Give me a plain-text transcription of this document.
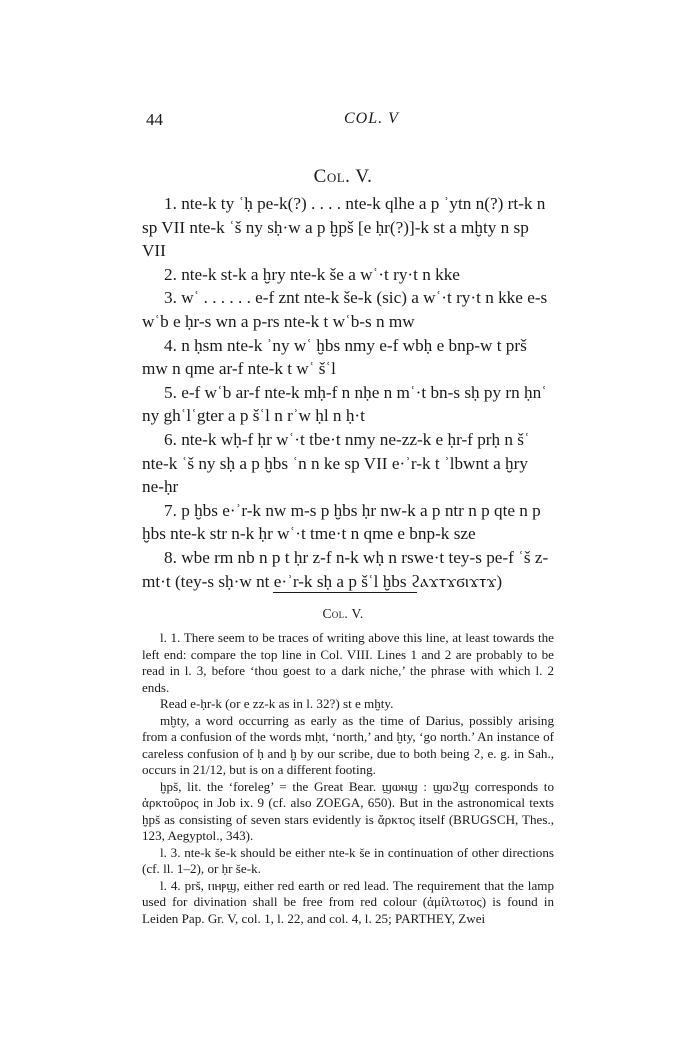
44	COL. V
Col. V.

1. nte-k ty ʿḥ pe-k(?) . . . . nte-k qlhe a p ʾytn n(?) rt-k n sp VII nte-k ʿš ny sḥ·w a p ḫpš [e ḥr(?)]-k st a mḫty n sp VII

2. nte-k st-k a ḫry nte-k še a wʿ·t ry·t n kke

3. wʿ . . . . . . e-f znt nte-k še-k (sic) a wʿ·t ry·t n kke e-s wʿb e ḥr-s wn a p-rs nte-k t wʿb-s n mw

4. n ḥsm nte-k ʾny wʿ ḫbs nmy e-f wbḥ e bnp-w t prš mw n qme ar-f nte-k t wʿ šʿl

5. e-f wʿb ar-f nte-k mḥ-f n nḥe n mʿ·t bn-s sḥ py rn ḥnʿ ny ghʿlʿgter a p šʿl n rʾw ḥl n ḥ·t

6. nte-k wḥ-f ḥr wʿ·t tbe·t nmy ne-zz-k e ḥr-f prḥ n šʿ nte-k ʿš ny sḥ a p ḫbs ʿn n ke sp VII e·ʾr-k t ʾlbwnt a ḫry ne-ḥr

7. p ḫbs e·ʾr-k nw m-s p ḫbs ḥr nw-k a p ntr n p qte n p ḫbs nte-k str n-k ḥr wʿ·t tme·t n qme e bnp-k sze

8. wbe rm nb n p t ḥr z-f n-k wḥ n rswe·t tey-s pe-f ʿš z-mt·t (tey-s sḥ·w nt e·ʾr-k sḥ a p šʿl ḫbs ϩⲁϫⲧϫϭⲓϫⲧϫ)

Col. V.

l. 1. There seem to be traces of writing above this line, at least towards the left end: compare the top line in Col. VIII. Lines 1 and 2 are probably to be read in l. 3, before ‘thou goest to a dark niche,’ the phrase with which l. 2 ends.

Read e-ḥr-k (or e zz-k as in l. 32?) st e mḫty.

mḫty, a word occurring as early as the time of Darius, possibly arising from a confusion of the words mḥt, ‘north,’ and ḫty, ‘go north.’ An instance of careless confusion of ḥ and ḫ by our scribe, due to both being ϩ, e. g. in Sah., occurs in 21/12, but is on a different footing.

ḫpš, lit. the ‘foreleg’ = the Great Bear. ϣⲱⲛϣ : ϣⲱϩϣ corresponds to ἀρκτοῦρος in Job ix. 9 (cf. also ZOEGA, 650). But in the astronomical texts ḫpš as consisting of seven stars evidently is ἄρκτος itself (BRUGSCH, Thes., 123, Aegyptol., 343).

l. 3. nte-k še-k should be either nte-k še in continuation of other directions (cf. ll. 1–2), or ḥr še-k.

l. 4. prš, ⲡⲏⲣϣ, either red earth or red lead. The requirement that the lamp used for divination shall be free from red colour (ἀμίλτωτος) is found in Leiden Pap. Gr. V, col. 1, l. 22, and col. 4, l. 25; PARTHEY, Zwei
